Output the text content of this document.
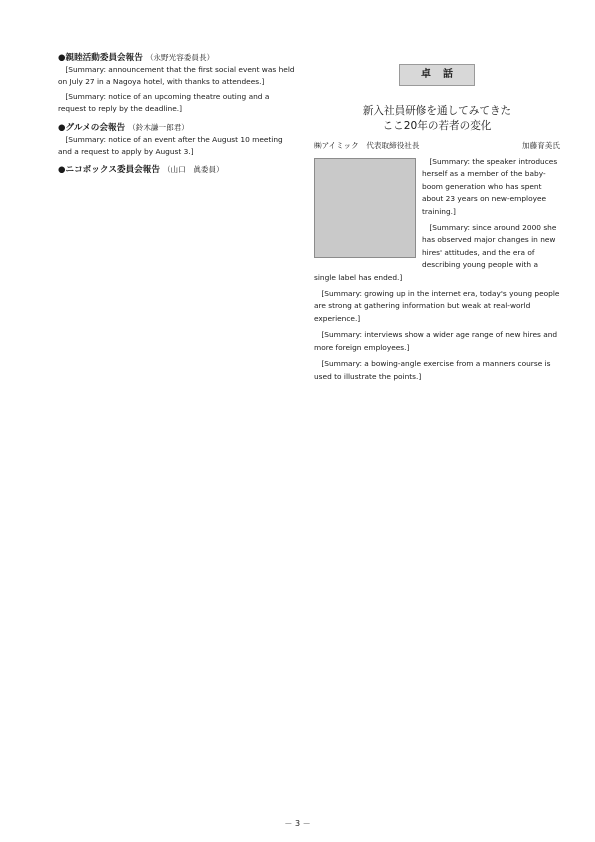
●親睦活動委員会報告 （永野光容委員長）

[Summary: announcement that the first social event was held on July 27 in a Nagoya hotel, with thanks to attendees.]

[Summary: notice of an upcoming theatre outing and a request to reply by the deadline.]

●グルメの会報告 （鈴木謙一郎君）

[Summary: notice of an event after the August 10 meeting and a request to apply by August 3.]

●ニコボックス委員会報告 （山口　眞委員）
卓話
新入社員研修を通してみてきた
ここ20年の若者の変化
㈱アイミック　代表取締役社長	加藤育美氏

[Summary: the speaker introduces herself as a member of the baby-boom generation who has spent about 23 years on new-employee training.]

[Summary: since around 2000 she has observed major changes in new hires' attitudes, and the era of describing young people with a single label has ended.]

[Summary: growing up in the internet era, today's young people are strong at gathering information but weak at real-world experience.]

[Summary: interviews show a wider age range of new hires and more foreign employees.]

[Summary: a bowing-angle exercise from a manners course is used to illustrate the points.]

－ 3 －
